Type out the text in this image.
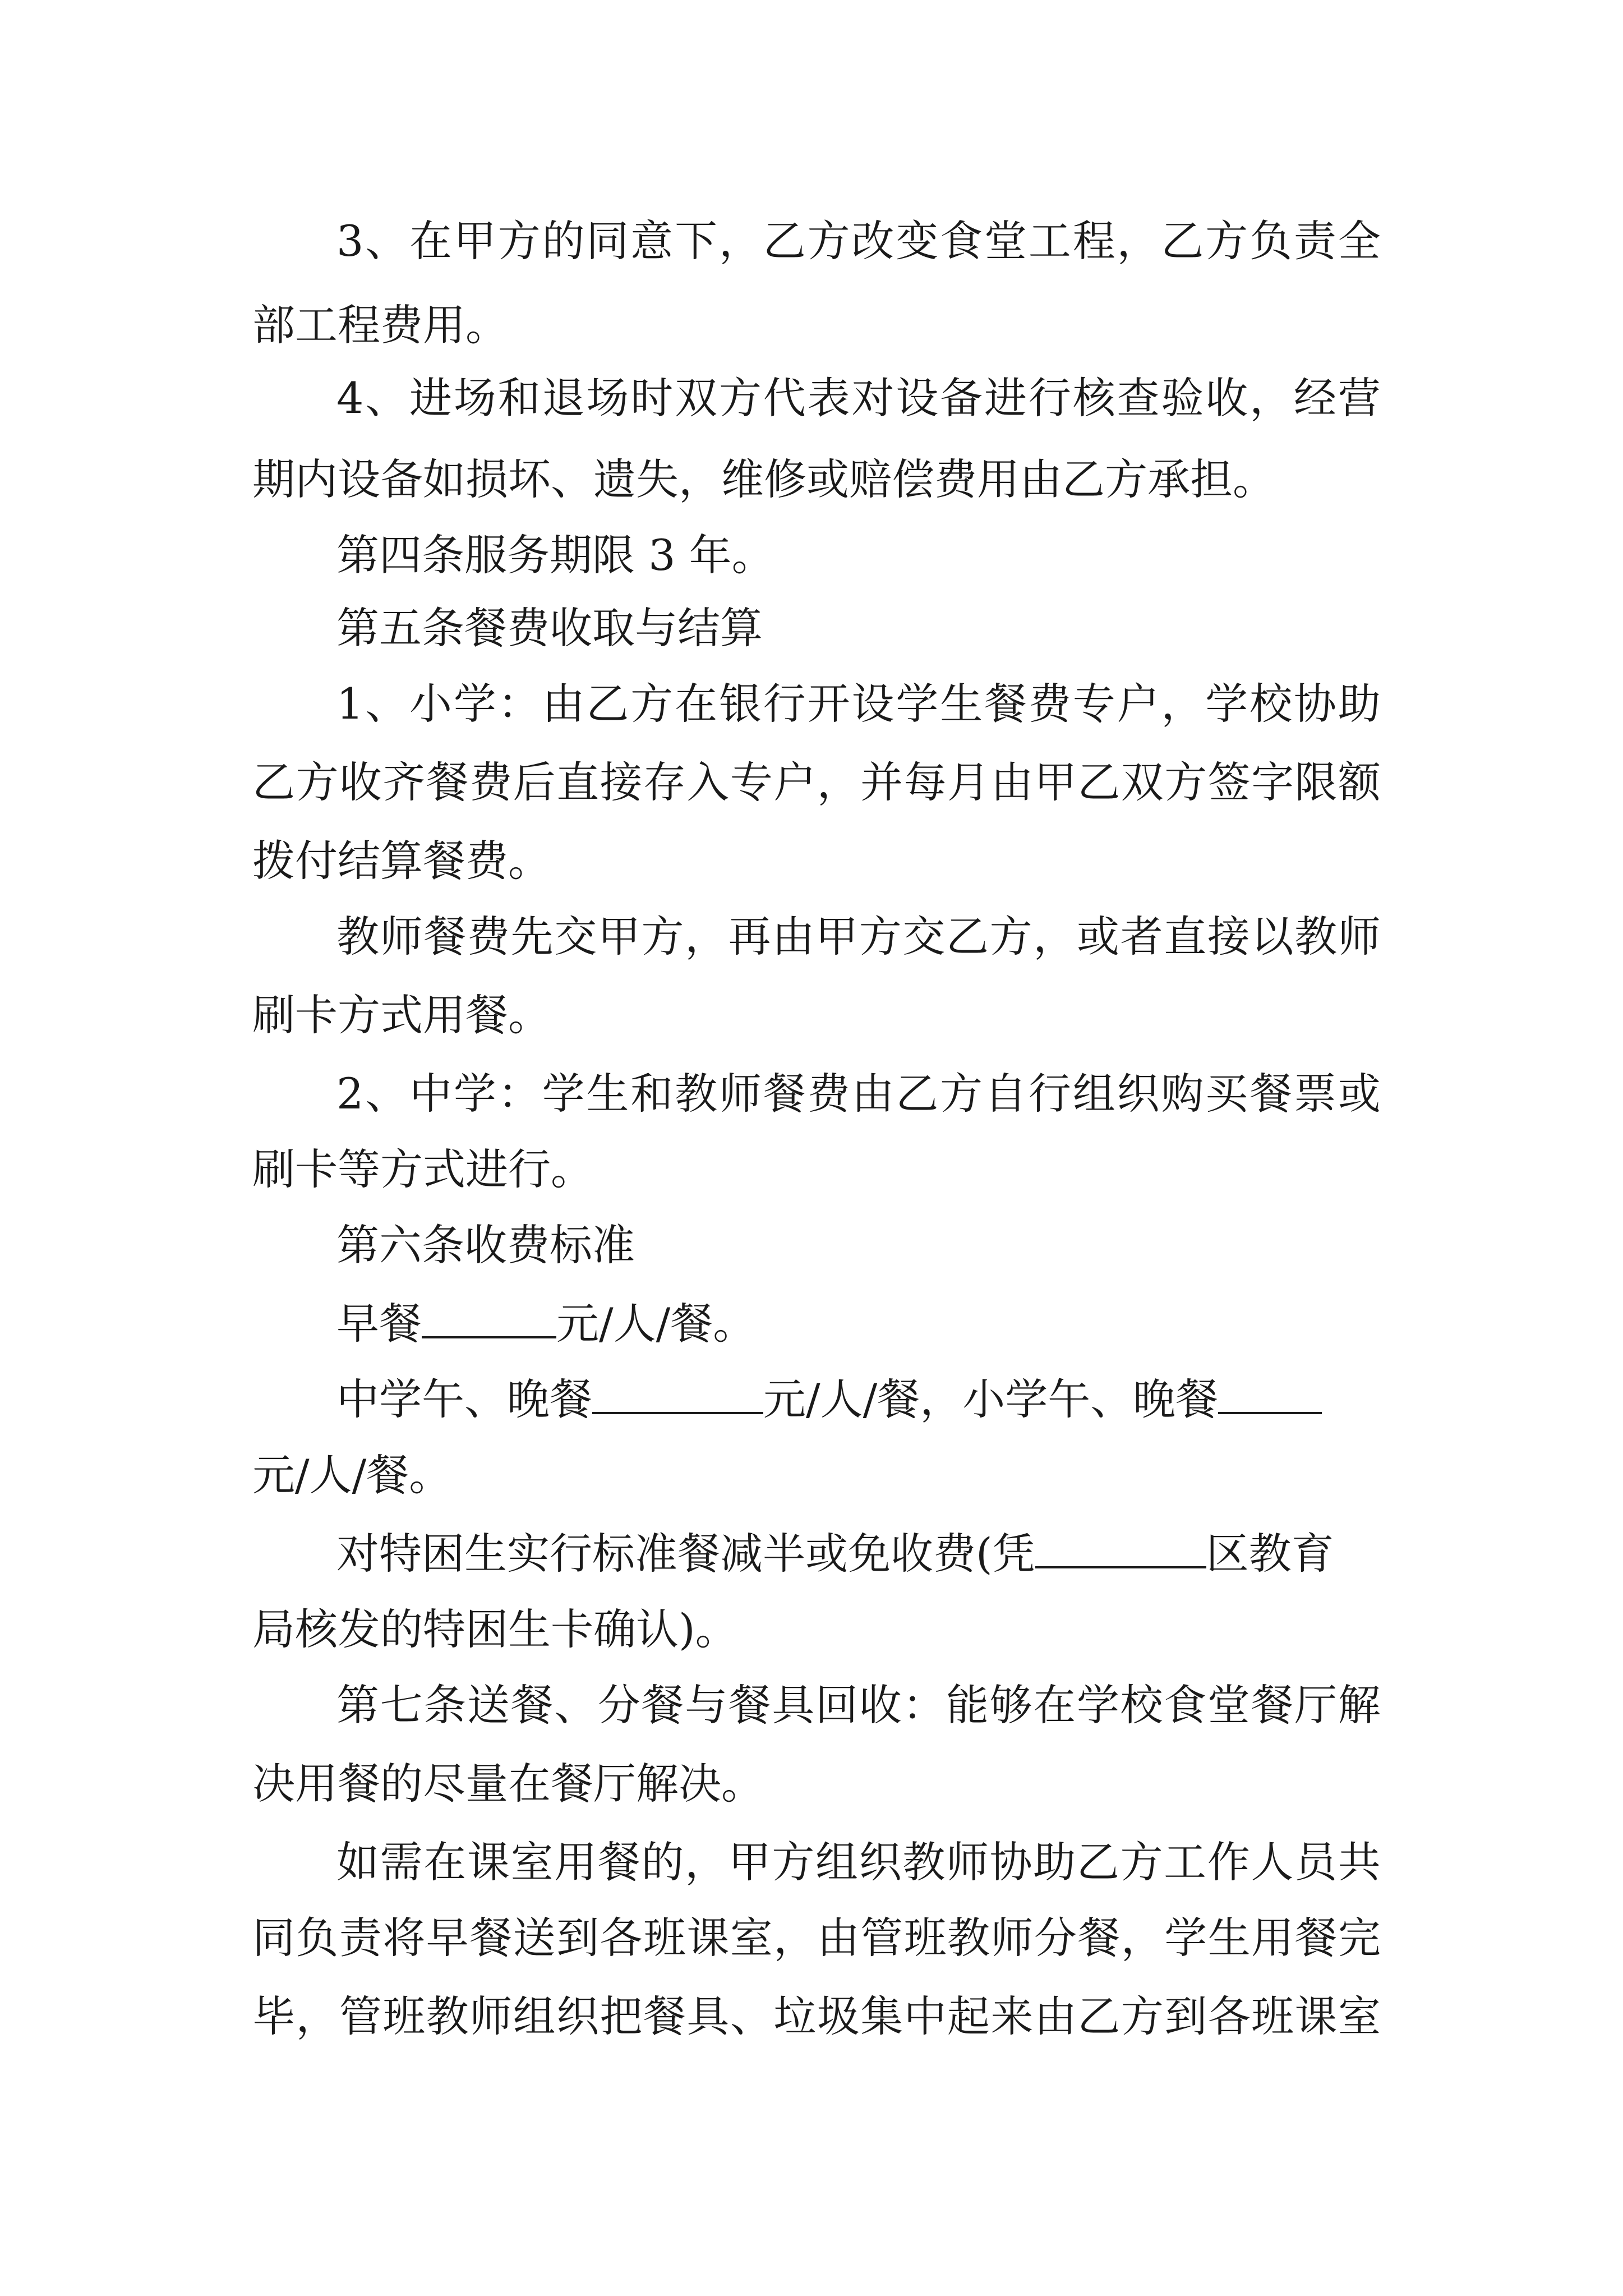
3 、 在 甲 方 的 同 意 下 ， 乙 方 改 变 食 堂 工 程 ， 乙 方 负 责 全
部工程费用。
4 、 进 场 和 退 场 时 双 方 代 表 对 设 备 进 行 核 查 验 收 ， 经 营
期内设备如损坏、遗失，维修或赔偿费用由乙方承担。
第四条服务期限 3 年。
第五条餐费收取与结算
1 、 小 学 ： 由 乙 方 在 银 行 开 设 学 生 餐 费 专 户 ， 学 校 协 助
乙 方 收 齐 餐 费 后 直 接 存 入 专 户 ， 并 每 月 由 甲 乙 双 方 签 字 限 额
拨付结算餐费。
教 师 餐 费 先 交 甲 方 ， 再 由 甲 方 交 乙 方 ， 或 者 直 接 以 教 师
刷卡方式用餐。
2 、 中 学 ： 学 生 和 教 师 餐 费 由 乙 方 自 行 组 织 购 买 餐 票 或
刷卡等方式进行。
第六条收费标准
早餐	元/人/餐。
中学午、晚餐	元/人/餐，小学午、晚餐
元/人/餐。
对特困生实行标准餐减半或免收费(凭	区教育
局核发的特困生卡确认)。
第 七 条 送 餐 、 分 餐 与 餐 具 回 收 ： 能 够 在 学 校 食 堂 餐 厅 解
决用餐的尽量在餐厅解决。
如 需 在 课 室 用 餐 的 ， 甲 方 组 织 教 师 协 助 乙 方 工 作 人 员 共
同 负 责 将 早 餐 送 到 各 班 课 室 ， 由 管 班 教 师 分 餐 ， 学 生 用 餐 完
毕 ， 管 班 教 师 组 织 把 餐 具 、 垃 圾 集 中 起 来 由 乙 方 到 各 班 课 室
